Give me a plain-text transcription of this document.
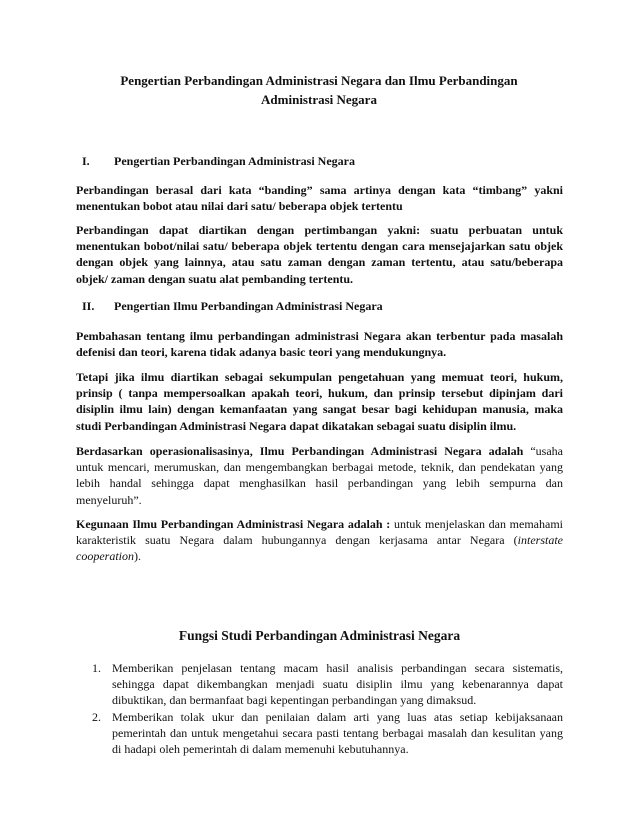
Pengertian Perbandingan Administrasi Negara dan Ilmu Perbandingan Administrasi Negara
I. Pengertian Perbandingan Administrasi Negara
Perbandingan berasal dari kata “banding” sama artinya dengan kata “timbang” yakni menentukan bobot atau nilai dari satu/ beberapa objek tertentu
Perbandingan dapat diartikan dengan pertimbangan yakni: suatu perbuatan untuk menentukan bobot/nilai satu/ beberapa objek tertentu dengan cara mensejajarkan satu objek dengan objek yang lainnya, atau satu zaman dengan zaman tertentu, atau satu/beberapa objek/ zaman dengan suatu alat pembanding tertentu.
II. Pengertian Ilmu Perbandingan Administrasi Negara
Pembahasan tentang ilmu perbandingan administrasi Negara akan terbentur pada masalah defenisi dan teori, karena tidak adanya basic teori yang mendukungnya.
Tetapi jika ilmu diartikan sebagai sekumpulan pengetahuan yang memuat teori, hukum, prinsip ( tanpa mempersoalkan apakah teori, hukum, dan prinsip tersebut dipinjam dari disiplin ilmu lain) dengan kemanfaatan yang sangat besar bagi kehidupan manusia, maka studi Perbandingan Administrasi Negara dapat dikatakan sebagai suatu disiplin ilmu.
Berdasarkan operasionalisasinya, Ilmu Perbandingan Administrasi Negara adalah “usaha untuk mencari, merumuskan, dan mengembangkan berbagai metode, teknik, dan pendekatan yang lebih handal sehingga dapat menghasilkan hasil perbandingan yang lebih sempurna dan menyeluruh”.
Kegunaan Ilmu Perbandingan Administrasi Negara adalah : untuk menjelaskan dan memahami karakteristik suatu Negara dalam hubungannya dengan kerjasama antar Negara (interstate cooperation).
Fungsi Studi Perbandingan Administrasi Negara
1. Memberikan penjelasan tentang macam hasil analisis perbandingan secara sistematis, sehingga dapat dikembangkan menjadi suatu disiplin ilmu yang kebenarannya dapat dibuktikan, dan bermanfaat bagi kepentingan perbandingan yang dimaksud.
2. Memberikan tolak ukur dan penilaian dalam arti yang luas atas setiap kebijaksanaan pemerintah dan untuk mengetahui secara pasti tentang berbagai masalah dan kesulitan yang di hadapi oleh pemerintah di dalam memenuhi kebutuhannya.
